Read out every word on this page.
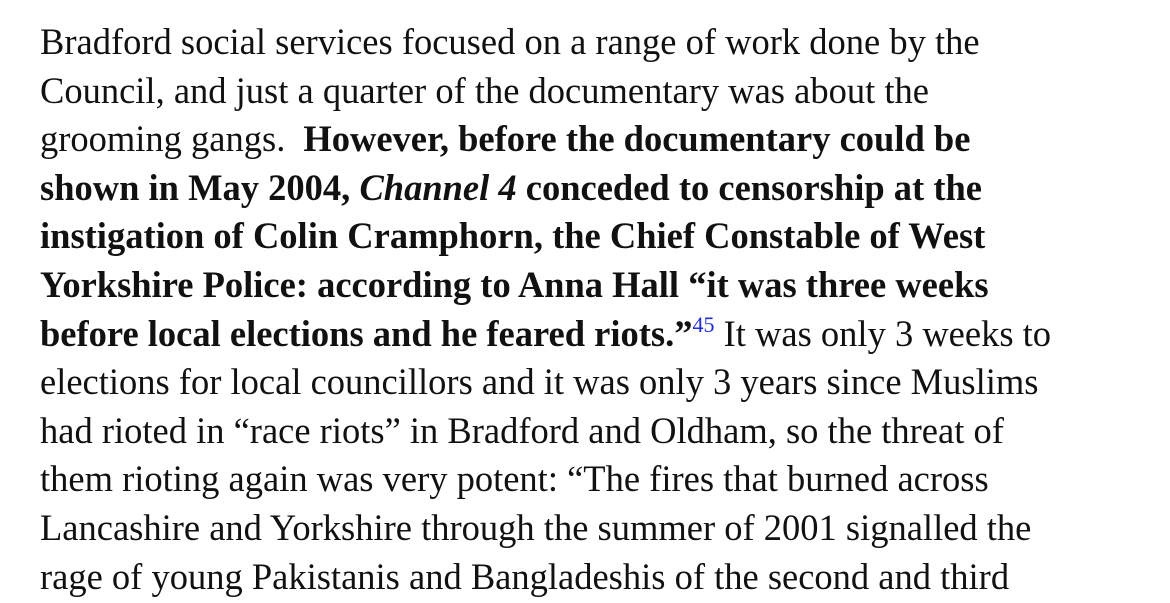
Bradford social services focused on a range of work done by the
Council, and just a quarter of the documentary was about the
grooming gangs. However, before the documentary could be
shown in May 2004, Channel 4 conceded to censorship at the
instigation of Colin Cramphorn, the Chief Constable of West
Yorkshire Police: according to Anna Hall “it was three weeks
before local elections and he feared riots.”$^{45}$ It was only 3 weeks to
elections for local councillors and it was only 3 years since Muslims
had rioted in “race riots” in Bradford and Oldham, so the threat of
them rioting again was very potent: “The fires that burned across
Lancashire and Yorkshire through the summer of 2001 signalled the
rage of young Pakistanis and Bangladeshis of the second and third
